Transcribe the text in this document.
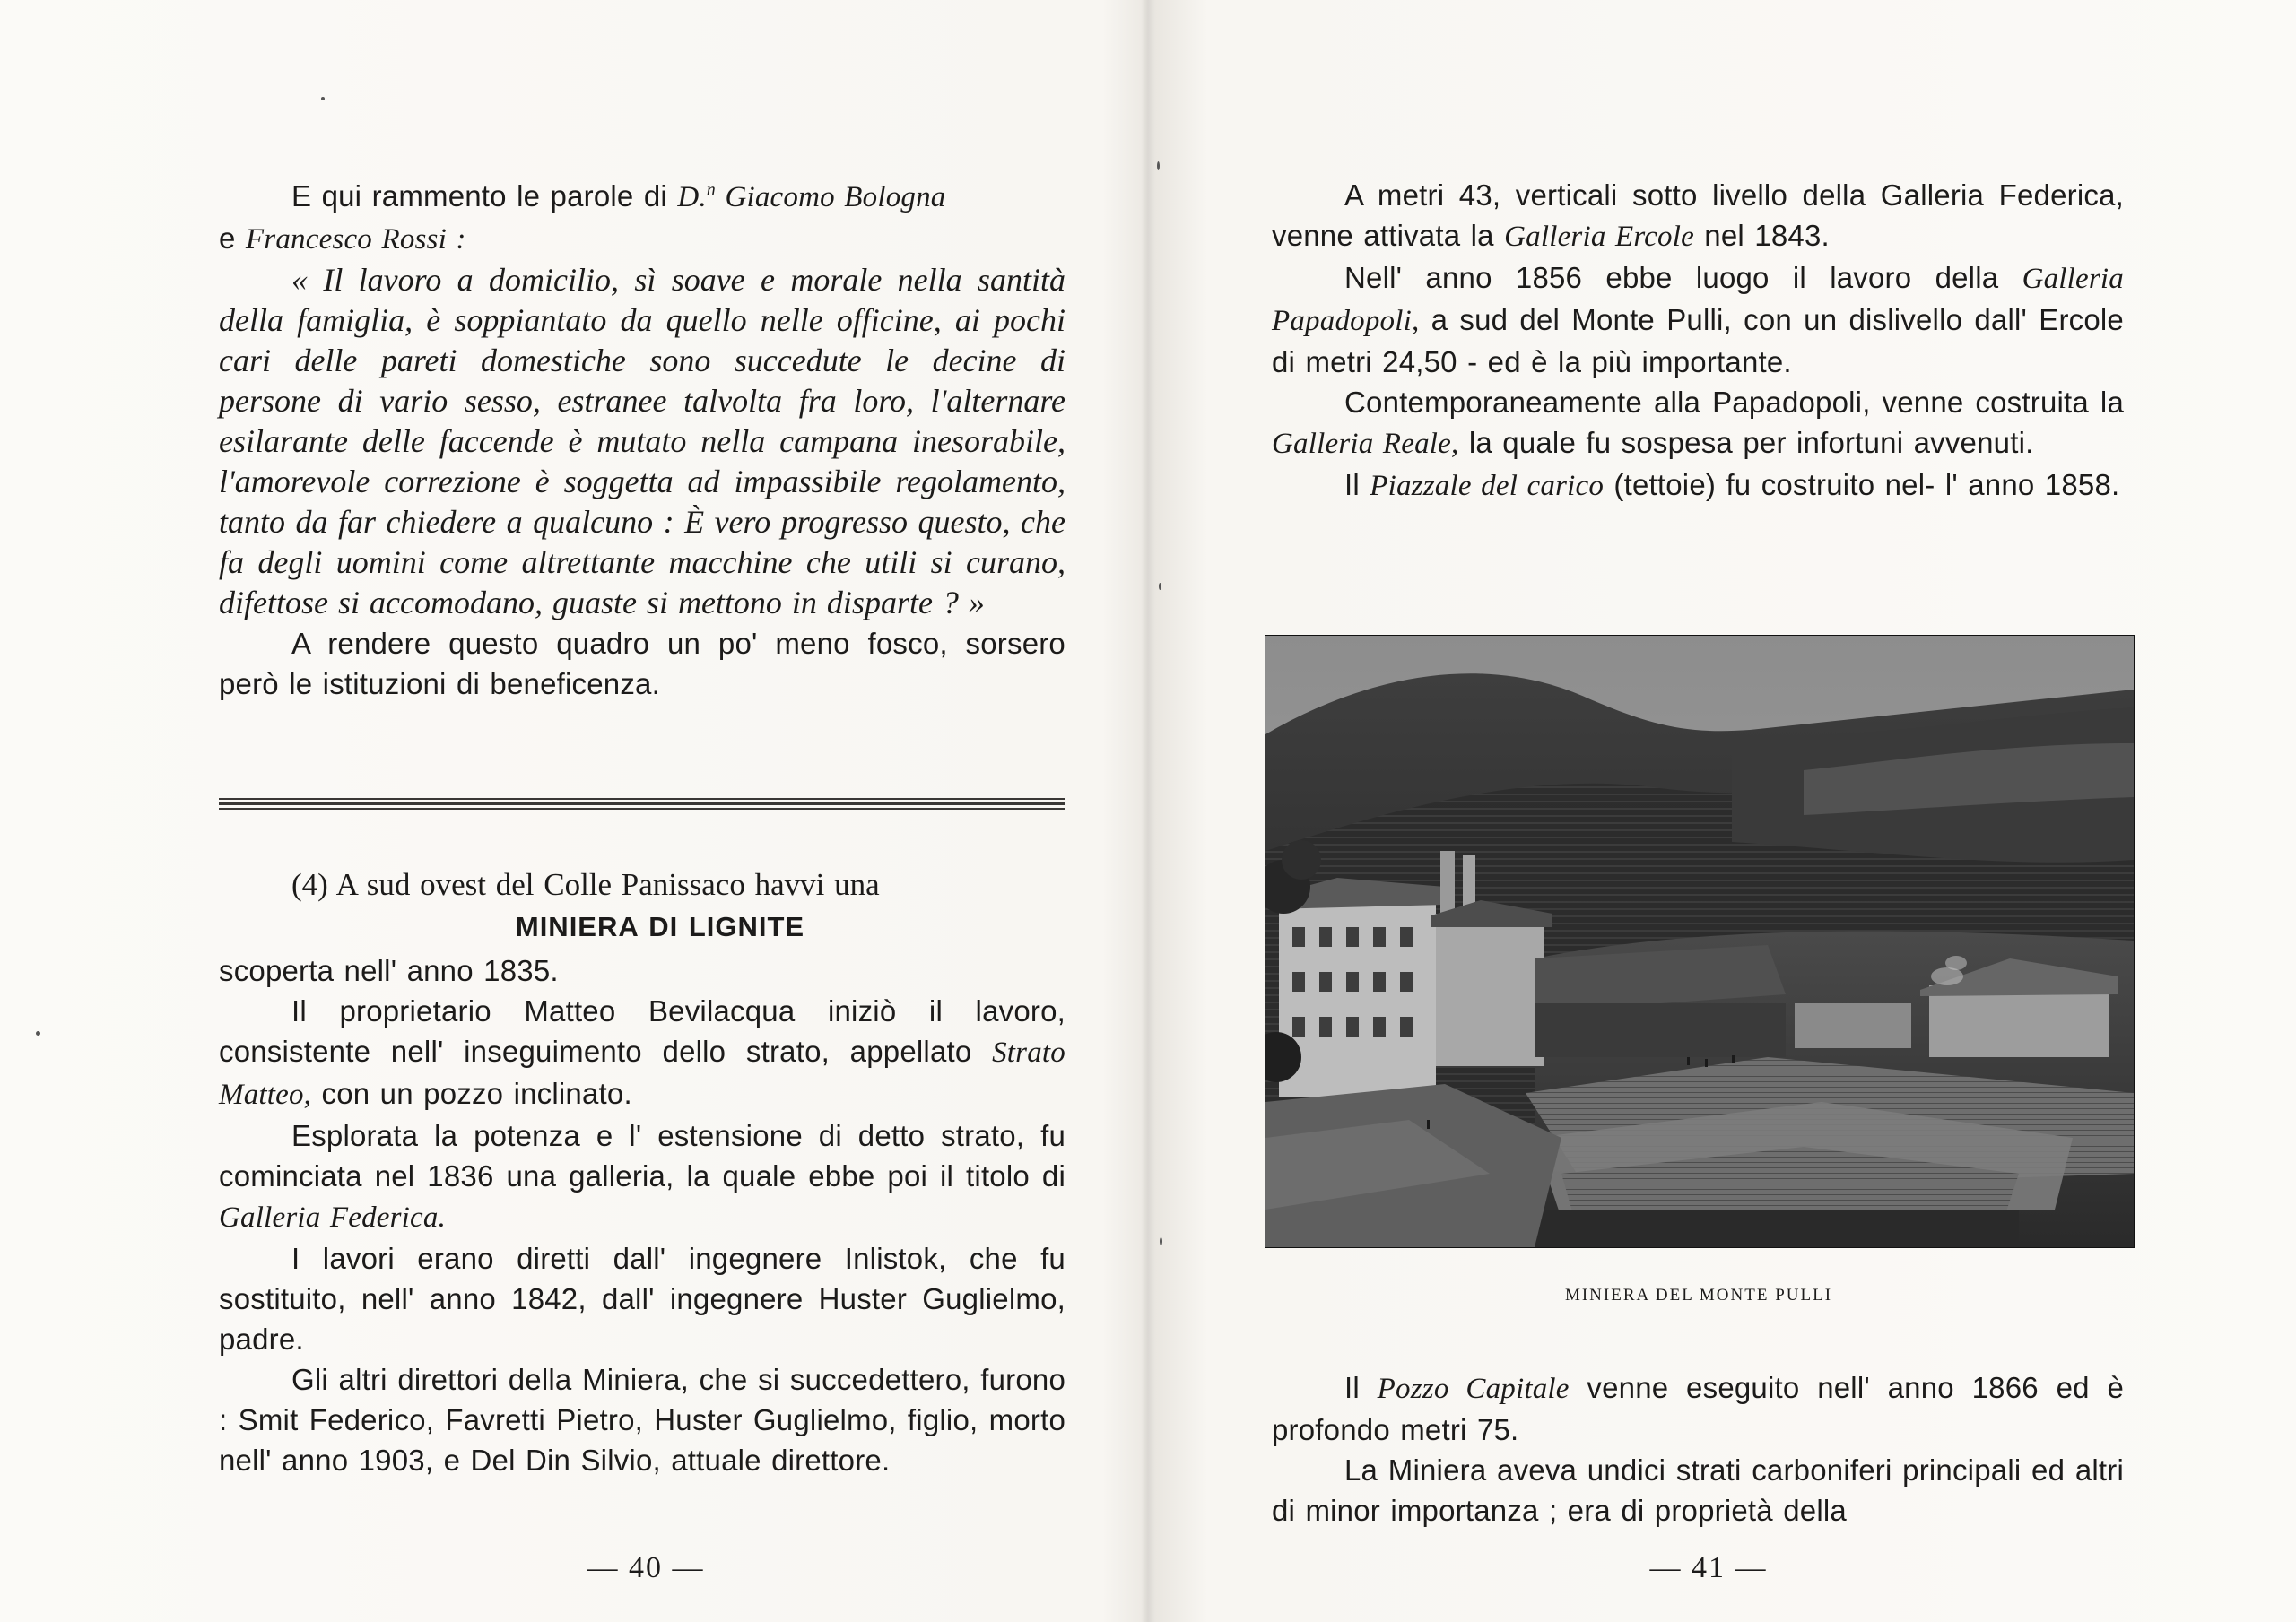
E qui rammento le parole di D.$^n$ Giacomo Bologna
e Francesco Rossi :

« Il lavoro a domicilio, sì soave e morale nella santità della famiglia, è soppiantato da quello nelle officine, ai pochi cari delle pareti domestiche sono succedute le decine di persone di vario sesso, estranee talvolta fra loro, l'alternare esilarante delle faccende è mutato nella campana inesorabile, l'amorevole correzione è soggetta ad impassibile regolamento, tanto da far chiedere a qualcuno : È vero progresso questo, che fa degli uomini come altrettante macchine che utili si curano, difettose si accomodano, guaste si mettono in disparte ? »

A rendere questo quadro un po' meno fosco, sorsero però le istituzioni di beneficenza.

(4) A sud ovest del Colle Panissaco havvi una

MINIERA DI LIGNITE

scoperta nell' anno 1835.

Il proprietario Matteo Bevilacqua iniziò il lavoro, consistente nell' inseguimento dello strato, appellato Strato Matteo, con un pozzo inclinato.

Esplorata la potenza e l' estensione di detto strato, fu cominciata nel 1836 una galleria, la quale ebbe poi il titolo di Galleria Federica.

I lavori erano diretti dall' ingegnere Inlistok, che fu sostituito, nell' anno 1842, dall' ingegnere Huster Guglielmo, padre.

Gli altri direttori della Miniera, che si succedettero, furono : Smit Federico, Favretti Pietro, Huster Guglielmo, figlio, morto nell' anno 1903, e Del Din Silvio, attuale direttore.

— 40 —

A metri 43, verticali sotto livello della Galleria Federica, venne attivata la Galleria Ercole nel 1843.

Nell' anno 1856 ebbe luogo il lavoro della Galleria Papadopoli, a sud del Monte Pulli, con un dislivello dall' Ercole di metri 24,50 - ed è la più importante.

Contemporaneamente alla Papadopoli, venne costruita la Galleria Reale, la quale fu sospesa per infortuni avvenuti.

Il Piazzale del carico (tettoie) fu costruito nel- l' anno 1858.

MINIERA DEL MONTE PULLI

Il Pozzo Capitale venne eseguito nell' anno 1866 ed è profondo metri 75.

La Miniera aveva undici strati carboniferi principali ed altri di minor importanza ; era di proprietà della

— 41 —
